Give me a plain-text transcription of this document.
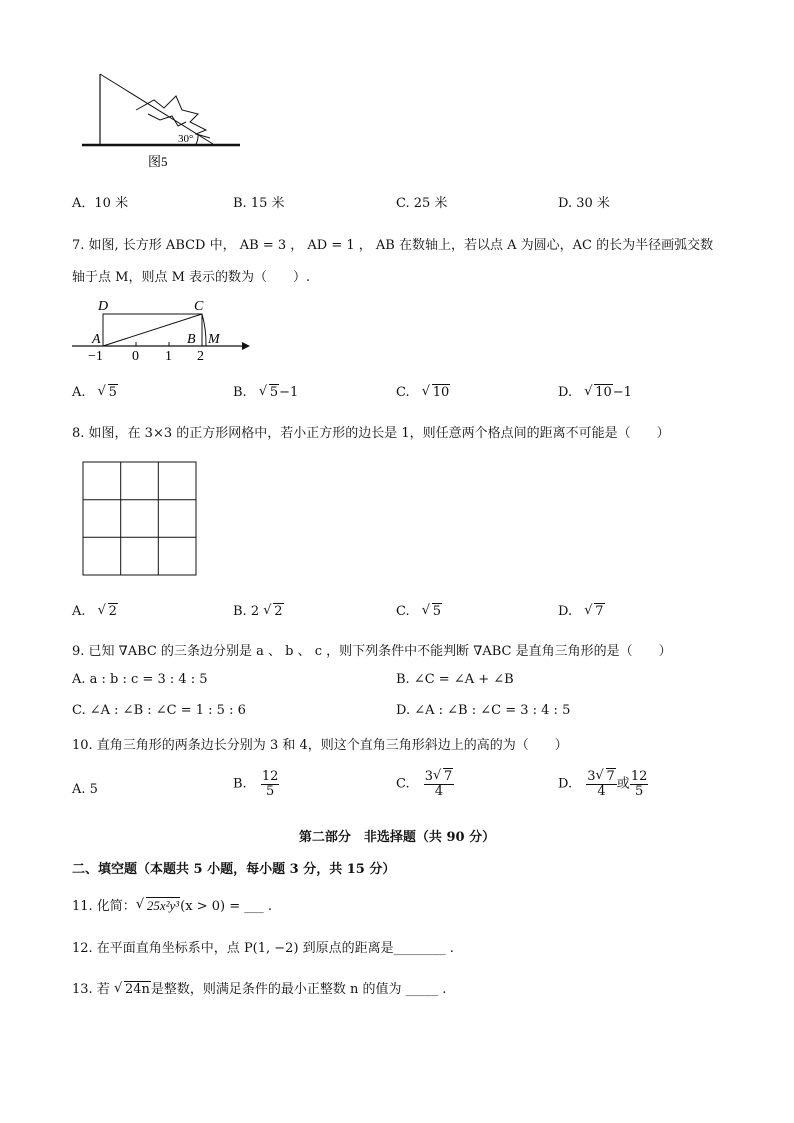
30°
图5
A．10 米	B. 15 米	C. 25 米	D. 30 米
7. 如图, 长方形 ABCD 中， AB = 3 ， AD = 1 ， AB 在数轴上，若以点 A 为圆心，AC 的长为半径画弧交数
轴于点 M，则点 M 表示的数为（　　）.
D	C
A	B M
−1 0 1 2
A. √ 5	B. √ 5−1	C. √ 10	D. √ 10−1
8. 如图，在 3×3 的正方形网格中，若小正方形的边长是 1，则任意两个格点间的距离不可能是（　　）
A. √ 2	B. 2 √ 2	C. √ 5	D. √ 7
9. 已知 ∇ABC 的三条边分别是 a 、 b 、 c ，则下列条件中不能判断 ∇ABC 是直角三角形的是（　　）
A. a : b : c = 3 : 4 : 5	B. ∠C = ∠A + ∠B
C. ∠A : ∠B : ∠C = 1 : 5 : 6	D. ∠A : ∠B : ∠C = 3 : 4 : 5
10. 直角三角形的两条边长分别为 3 和 4，则这个直角三角形斜边上的高的为（　　）
A. 5	B. $\frac{12}{5}$	C. $\frac{3 √ 7}{4}$	D. $\frac{3 √ 7}{4}$ 或 $\frac{12}{5}$
第二部分　非选择题（共 90 分）
二、填空题（本题共 5 小题，每小题 3 分，共 15 分）
11. 化简： √ 25x²y³(x > 0) = ___ .
12. 在平面直角坐标系中，点 P(1, −2) 到原点的距离是________ .
13. 若 √ 24n是整数，则满足条件的最小正整数 n 的值为 _____ .
